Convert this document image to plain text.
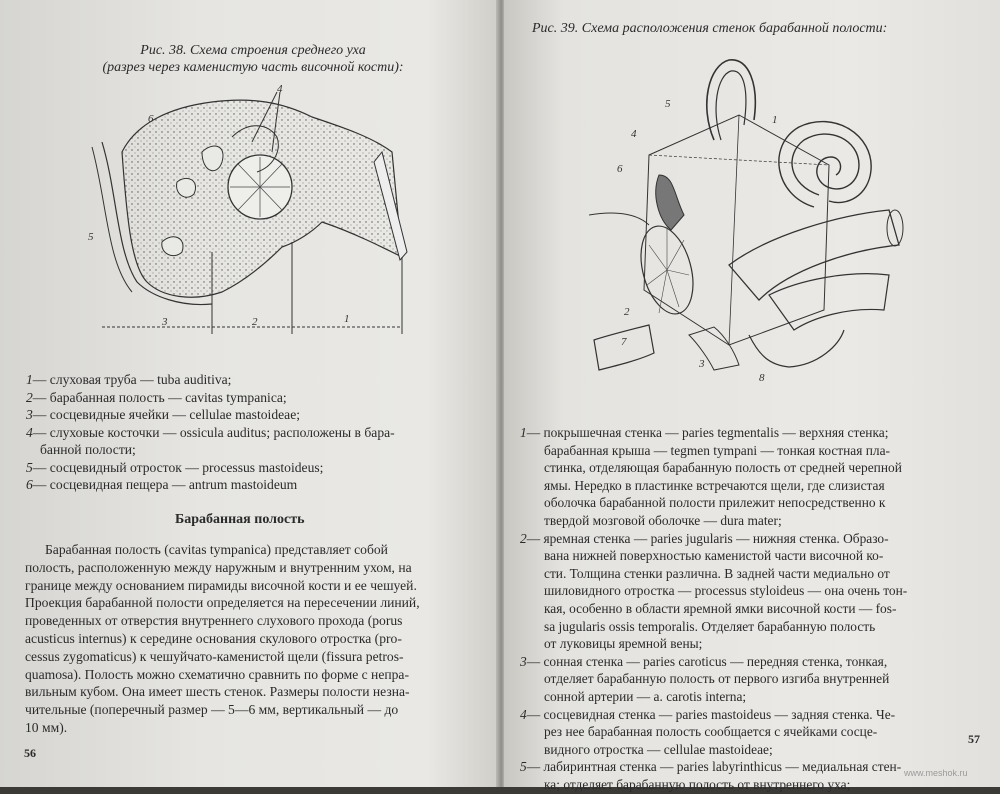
Рис. 38. Схема строения среднего уха
(разрез через каменистую часть височной кости):
4
6
5
3	2	1
1— слуховая труба — tuba auditiva;
2— барабанная полость — cavitas tympanica;
3— сосцевидные ячейки — cellulae mastoideae;
4— слуховые косточки — ossicula auditus; расположены в бара-
банной полости;
5— сосцевидный отросток — processus mastoideus;
6— сосцевидная пещера — antrum mastoideum
Барабанная полость
Барабанная полость (cavitas tympanica) представляет собой
полость, расположенную между наружным и внутренним ухом, на
границе между основанием пирамиды височной кости и ее чешуей.
Проекция барабанной полости определяется на пересечении линий,
проведенных от отверстия внутреннего слухового прохода (porus
acusticus internus) к середине основания скулового отростка (pro-
cessus zygomaticus) к чешуйчато-каменистой щели (fissura petros-
quamosa). Полость можно схематично сравнить по форме с непра-
вильным кубом. Она имеет шесть стенок. Размеры полости незна-
чительные (поперечный размер — 5—6 мм, вертикальный — до
10 мм).
56
Рис. 39. Схема расположения стенок барабанной полости:
1
2
3
4
5
6
7
8
1— покрышечная стенка — paries tegmentalis — верхняя стенка;
барабанная крыша — tegmen tympani — тонкая костная пла-
стинка, отделяющая барабанную полость от средней черепной
ямы. Нередко в пластинке встречаются щели, где слизистая
оболочка барабанной полости прилежит непосредственно к
твердой мозговой оболочке — dura mater;
2— яремная стенка — paries jugularis — нижняя стенка. Образо-
вана нижней поверхностью каменистой части височной ко-
сти. Толщина стенки различна. В задней части медиально от
шиловидного отростка — processus styloideus — она очень тон-
кая, особенно в области яремной ямки височной кости — fos-
sa jugularis ossis temporalis. Отделяет барабанную полость
от луковицы яремной вены;
3— сонная стенка — paries caroticus — передняя стенка, тонкая,
отделяет барабанную полость от первого изгиба внутренней
сонной артерии — a. carotis interna;
4— сосцевидная стенка — paries mastoideus — задняя стенка. Че-
рез нее барабанная полость сообщается с ячейками сосце-
видного отростка — cellulae mastoideae;
5— лабиринтная стенка — paries labyrinthicus — медиальная стен-
ка; отделяет барабанную полость от внутреннего уха;
57
www.meshok.ru
